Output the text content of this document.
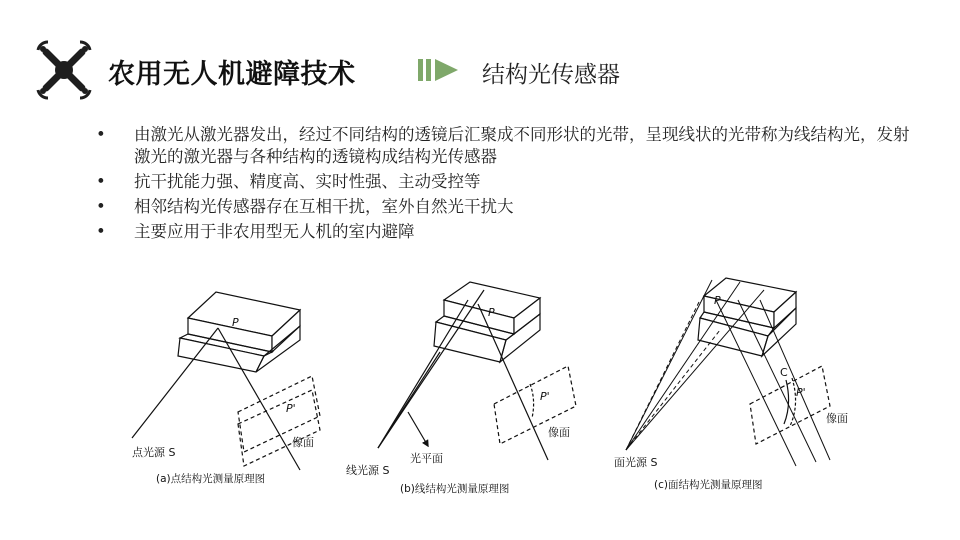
农用无人机避障技术	结构光传感器
• 由激光从激光器发出，经过不同结构的透镜后汇聚成不同形状的光带，呈现线状的光带称为线结构光，发射激光的激光器与各种结构的透镜构成结构光传感器
• 抗干扰能力强、精度高、实时性强、主动受控等
• 相邻结构光传感器存在互相干扰，室外自然光干扰大
• 主要应用于非农用型无人机的室内避障
P
P'
像面
点光源 S
(a)点结构光测量原理图
P
P'
像面
光平面
线光源 S
(b)线结构光测量原理图
P
C
P'
像面
面光源 S
(c)面结构光测量原理图
